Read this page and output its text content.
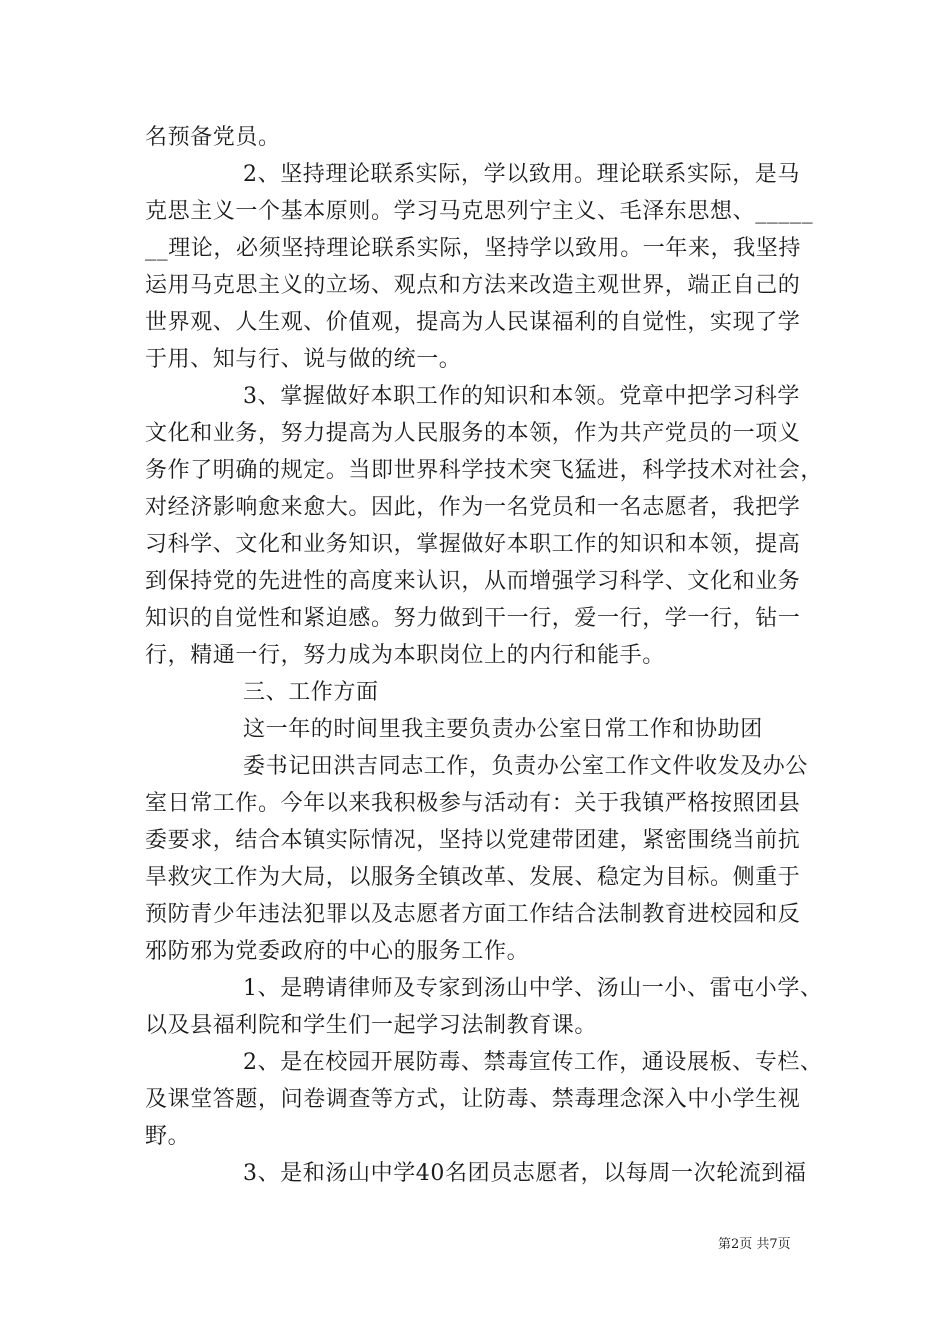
名预备党员。
2、坚持理论联系实际，学以致用。理论联系实际，是马
克思主义一个基本原则。学习马克思列宁主义、毛泽东思想、_____
__理论，必须坚持理论联系实际，坚持学以致用。一年来，我坚持
运用马克思主义的立场、观点和方法来改造主观世界，端正自己的
世界观、人生观、价值观，提高为人民谋福利的自觉性，实现了学
于用、知与行、说与做的统一。
3、掌握做好本职工作的知识和本领。党章中把学习科学
文化和业务，努力提高为人民服务的本领，作为共产党员的一项义
务作了明确的规定。当即世界科学技术突飞猛进，科学技术对社会，
对经济影响愈来愈大。因此，作为一名党员和一名志愿者，我把学
习科学、文化和业务知识，掌握做好本职工作的知识和本领，提高
到保持党的先进性的高度来认识，从而增强学习科学、文化和业务
知识的自觉性和紧迫感。努力做到干一行，爱一行，学一行，钻一
行，精通一行，努力成为本职岗位上的内行和能手。
三、工作方面
这一年的时间里我主要负责办公室日常工作和协助团
委书记田洪吉同志工作，负责办公室工作文件收发及办公
室日常工作。今年以来我积极参与活动有：关于我镇严格按照团县
委要求，结合本镇实际情况，坚持以党建带团建，紧密围绕当前抗
旱救灾工作为大局，以服务全镇改革、发展、稳定为目标。侧重于
预防青少年违法犯罪以及志愿者方面工作结合法制教育进校园和反
邪防邪为党委政府的中心的服务工作。
1、是聘请律师及专家到汤山中学、汤山一小、雷屯小学、
以及县福利院和学生们一起学习法制教育课。
2、是在校园开展防毒、禁毒宣传工作，通设展板、专栏、
及课堂答题，问卷调查等方式，让防毒、禁毒理念深入中小学生视
野。
3、是和汤山中学40名团员志愿者，以每周一次轮流到福
第2页 共7页
